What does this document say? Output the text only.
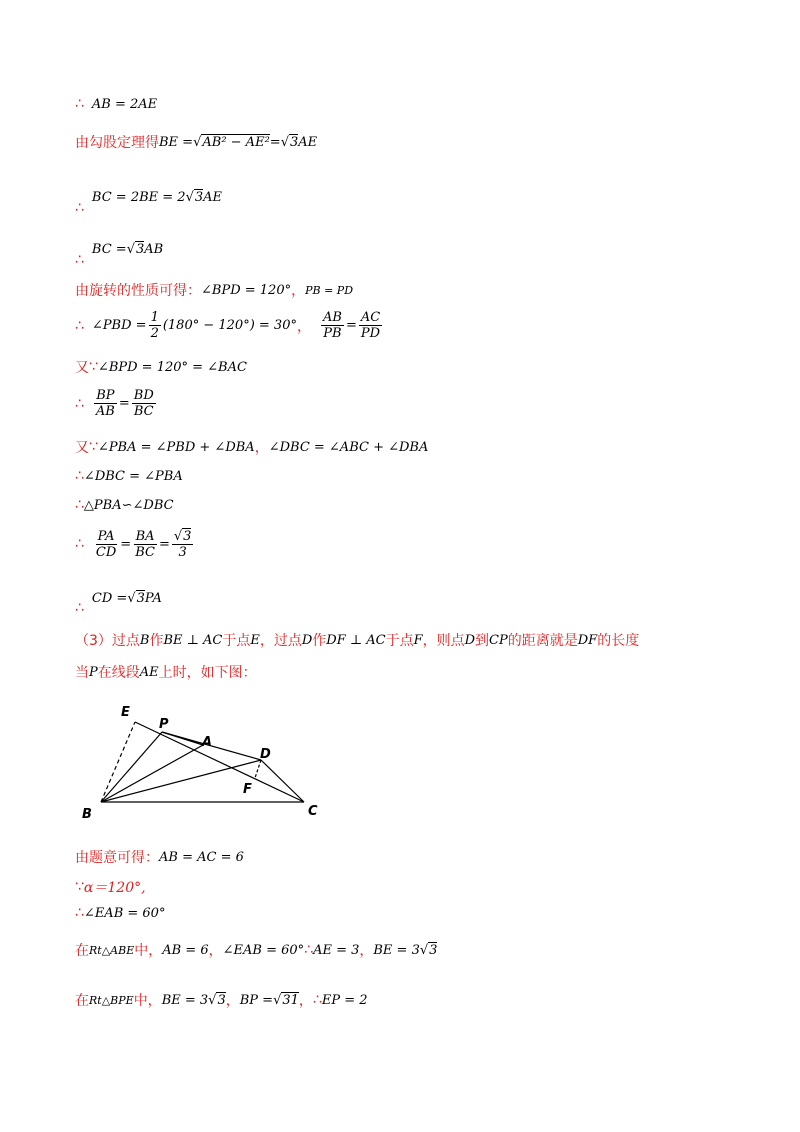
∴ AB = 2AE
由勾股定理得 BE = √ AB² − AE² = √ 3 AE
∴
BC = 2BE = 2 √ 3 AE
∴
BC = √ 3 AB
由旋转的性质可得： ∠BPD = 120° ， PB = PD
∴ ∠PBD = $\frac{1}{2} (180^\circ - 120^\circ) = 30^\circ$ ， $\frac{AB}{PB} = \frac{AC}{PD}$
又 ∵ ∠BPD = 120° = ∠BAC
∴ $\frac{BP}{AB} = \frac{BD}{BC}$
又 ∵ ∠PBA = ∠PBD + ∠DBA ， ∠DBC = ∠ABC + ∠DBA
∴ ∠DBC = ∠PBA
∴ △PBA∽∠DBC
∴ $\frac{PA}{CD} = \frac{BA}{BC} = \frac{√3}{3}$
∴
CD = √ 3 PA
（3）过点 B 作 BE ⊥ AC 于点 E ，过点 D 作 DF ⊥ AC 于点 F ，则点 D 到 CP 的距离就是 DF 的长度
当 P 在线段 AE 上时，如下图：
E
P
A
D
F
B	C
由题意可得： AB = AC = 6
∵ α＝120°,
∴ ∠EAB = 60°
在 Rt△ABE 中， AB = 6 ， ∠EAB = 60° ∴ AE = 3 ， BE = 3 √ 3
在 Rt△BPE 中， BE = 3 √ 3 ， BP = √ 31 ， ∴ EP = 2
